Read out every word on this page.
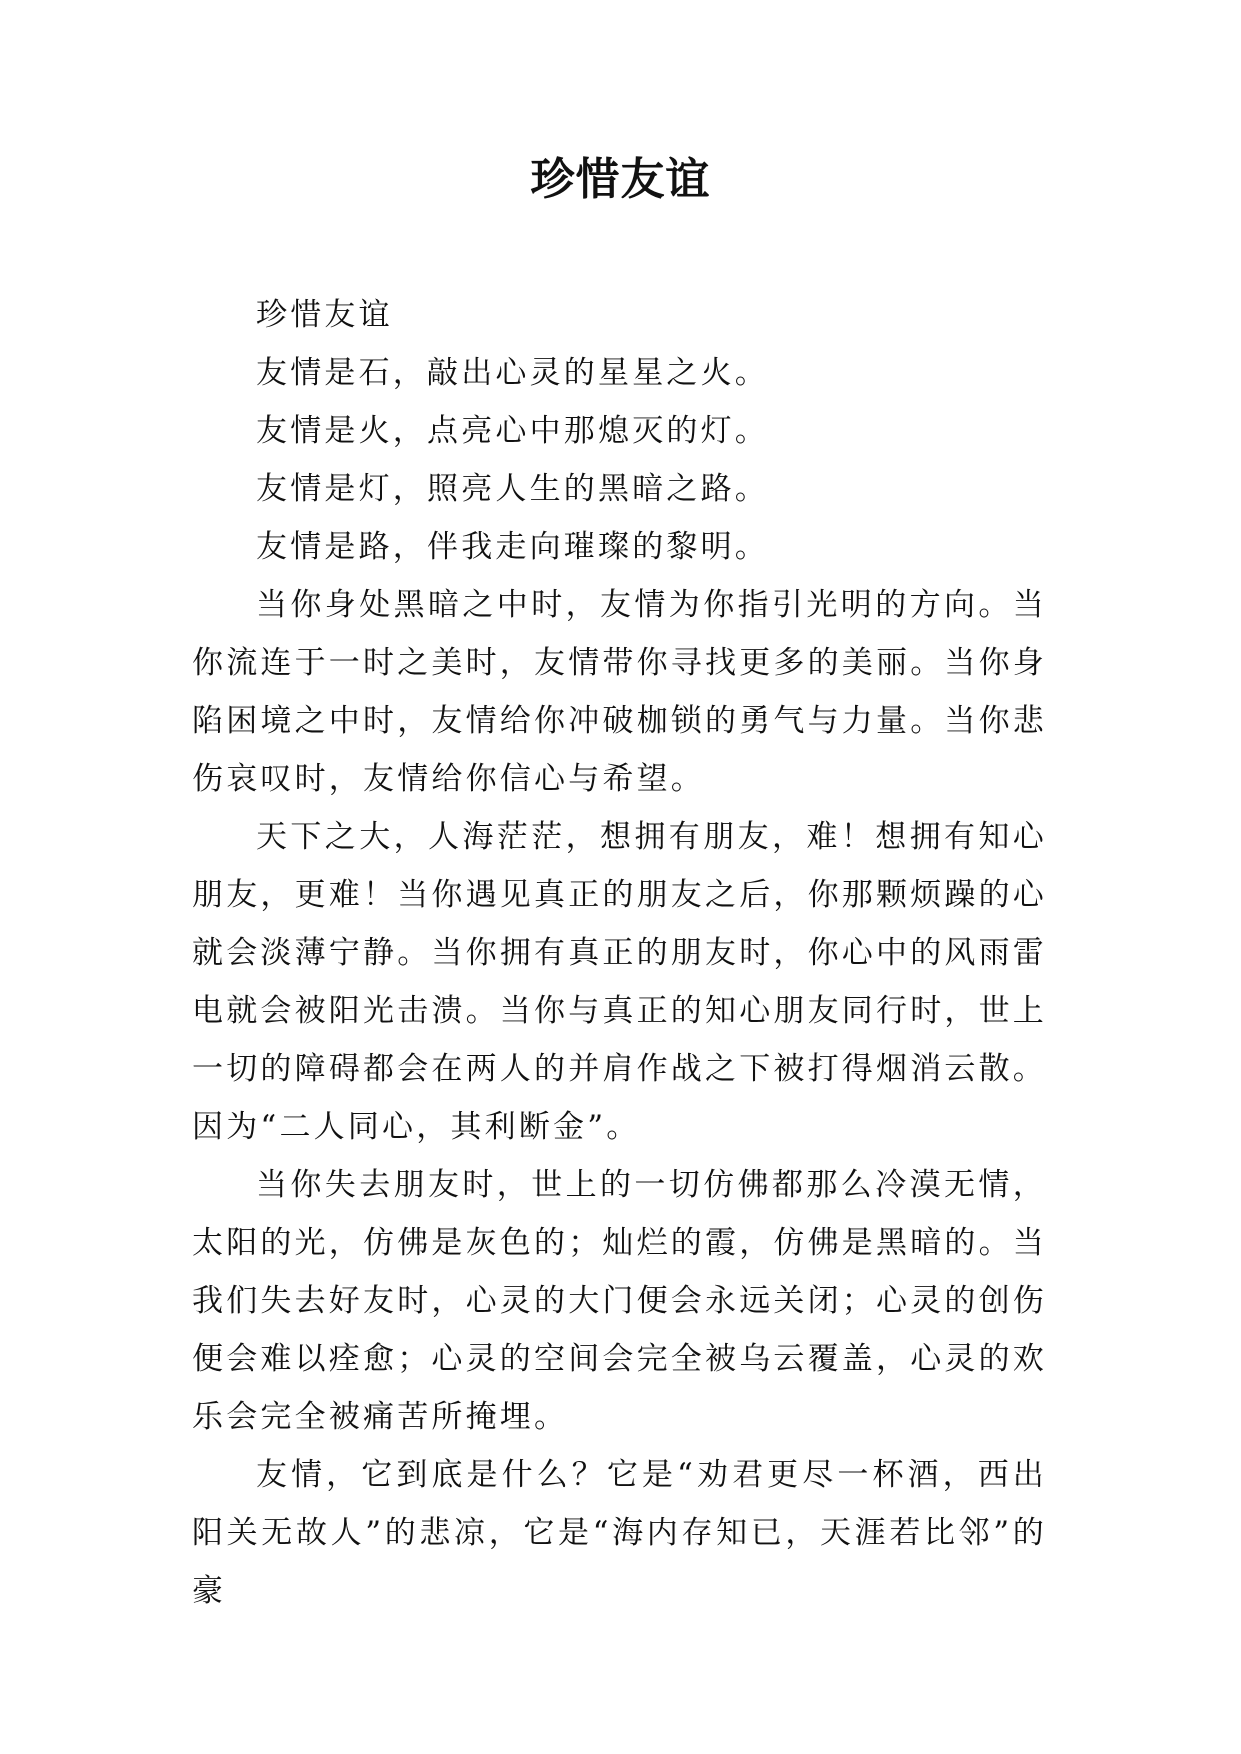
珍惜友谊

珍惜友谊

友情是石，敲出心灵的星星之火。

友情是火，点亮心中那熄灭的灯。

友情是灯，照亮人生的黑暗之路。

友情是路，伴我走向璀璨的黎明。

当你身处黑暗之中时，友情为你指引光明的方向。当你流连于一时之美时，友情带你寻找更多的美丽。当你身陷困境之中时，友情给你冲破枷锁的勇气与力量。当你悲伤哀叹时，友情给你信心与希望。

天下之大，人海茫茫，想拥有朋友，难！想拥有知心朋友，更难！当你遇见真正的朋友之后，你那颗烦躁的心就会淡薄宁静。当你拥有真正的朋友时，你心中的风雨雷电就会被阳光击溃。当你与真正的知心朋友同行时，世上一切的障碍都会在两人的并肩作战之下被打得烟消云散。因为“二人同心，其利断金”。

当你失去朋友时，世上的一切仿佛都那么冷漠无情，太阳的光，仿佛是灰色的；灿烂的霞，仿佛是黑暗的。当我们失去好友时，心灵的大门便会永远关闭；心灵的创伤便会难以痊愈；心灵的空间会完全被乌云覆盖，心灵的欢乐会完全被痛苦所掩埋。

友情，它到底是什么？它是“劝君更尽一杯酒，西出阳关无故人”的悲凉，它是“海内存知已，天涯若比邻”的豪
